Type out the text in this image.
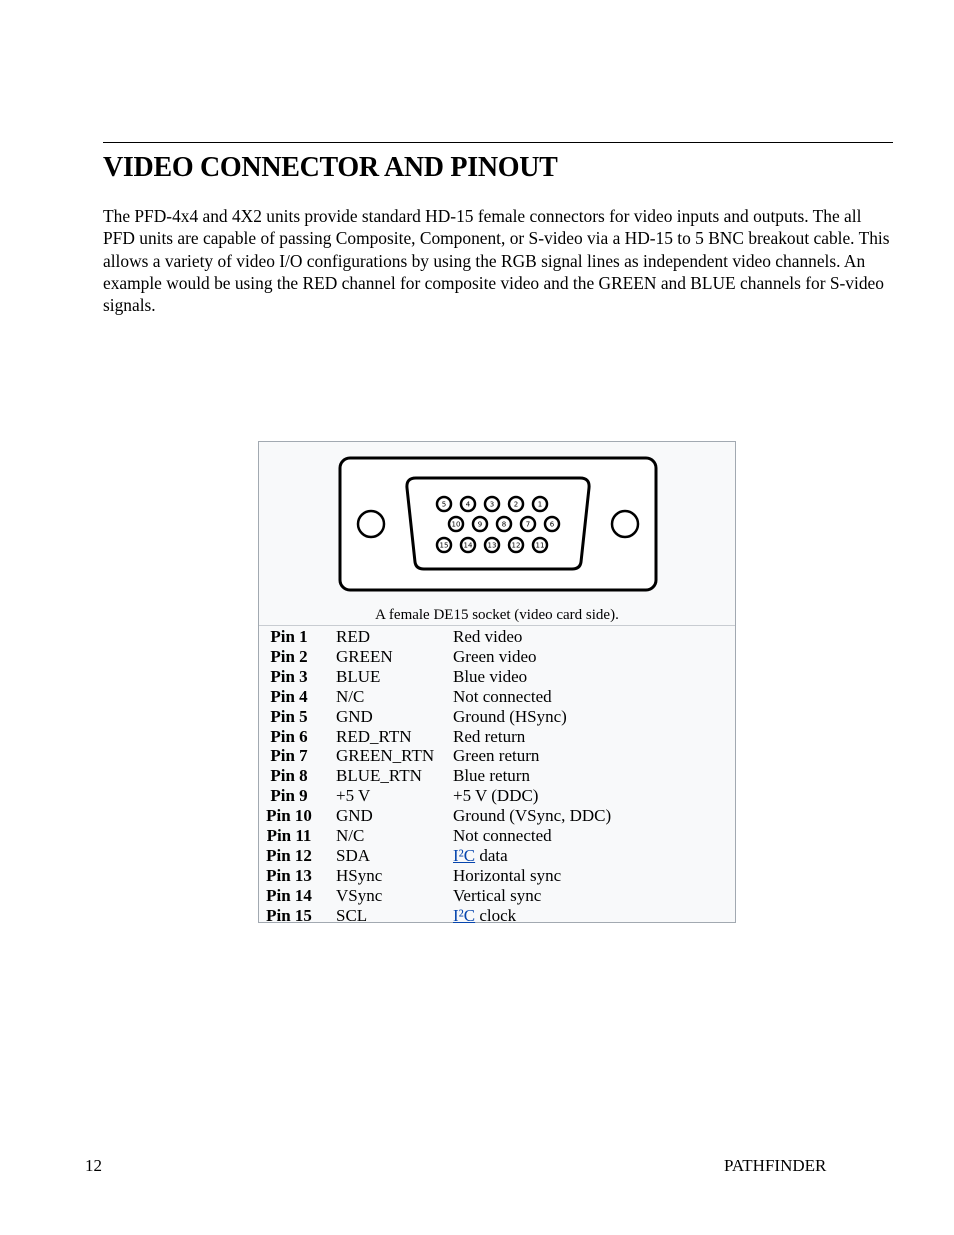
VIDEO CONNECTOR AND PINOUT

The PFD-4x4 and 4X2 units provide standard HD-15 female connectors for video inputs and outputs. The all PFD units are capable of passing Composite, Component, or S-video via a HD-15 to 5 BNC breakout cable. This allows a variety of video I/O configurations by using the RGB signal lines as independent video channels. An example would be using the RED channel for composite video and the GREEN and BLUE channels for S-video signals.

5	4	3	2	1
10 9	8	7	6
15 14 13 12 11
A female DE15 socket (video card side).
Pin 1	RED	Red video
Pin 2	GREEN	Green video
Pin 3	BLUE	Blue video
Pin 4	N/C	Not connected
Pin 5	GND	Ground (HSync)
Pin 6	RED_RTN	Red return
Pin 7	GREEN_RTN	Green return
Pin 8	BLUE_RTN	Blue return
Pin 9	+5 V	+5 V (DDC)
Pin 10	GND	Ground (VSync, DDC)
Pin 11	N/C	Not connected
Pin 12	SDA	I²C data
Pin 13	HSync	Horizontal sync
Pin 14	VSync	Vertical sync
Pin 15	SCL	I²C clock
12	PATHFINDER
